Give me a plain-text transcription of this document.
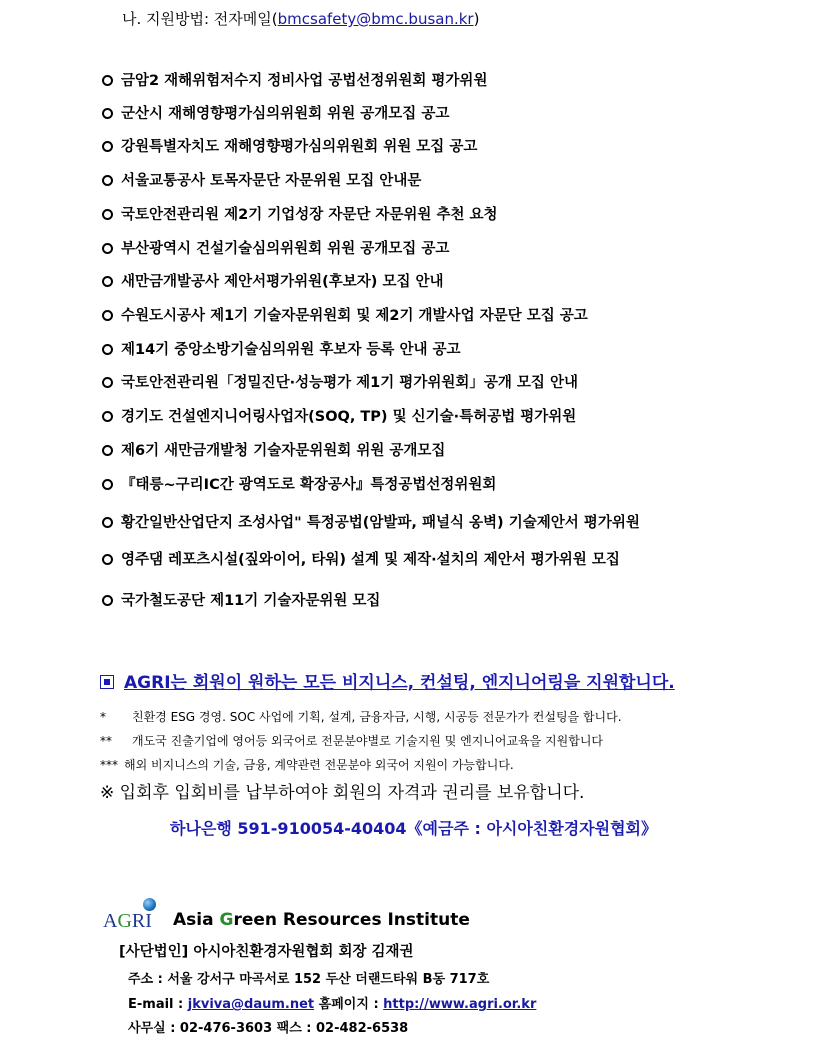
나. 지원방법: 전자메일(bmcsafety@bmc.busan.kr)
금암2 재해위험저수지 정비사업 공법선정위원회 평가위원
군산시 재해영향평가심의위원회 위원 공개모집 공고
강원특별자치도 재해영향평가심의위원회 위원 모집 공고
서울교통공사 토목자문단 자문위원 모집 안내문
국토안전관리원 제2기 기업성장 자문단 자문위원 추천 요청
부산광역시 건설기술심의위원회 위원 공개모집 공고
새만금개발공사 제안서평가위원(후보자) 모집 안내
수원도시공사 제1기 기술자문위원회 및 제2기 개발사업 자문단 모집 공고
제14기 중앙소방기술심의위원 후보자 등록 안내 공고
국토안전관리원「정밀진단·성능평가 제1기 평가위원회」공개 모집 안내
경기도 건설엔지니어링사업자(SOQ, TP) 및 신기술·특허공법 평가위원
제6기 새만금개발청 기술자문위원회 위원 공개모집
『태릉~구리IC간 광역도로 확장공사』특정공법선정위원회
황간일반산업단지 조성사업" 특정공법(암발파, 패널식 옹벽) 기술제안서 평가위원
영주댐 레포츠시설(짚와이어, 타워) 설계 및 제작·설치의 제안서 평가위원 모집
국가철도공단 제11기 기술자문위원 모집
AGRI는 회원이 원하는 모든 비지니스, 컨설팅, 엔지니어링을 지원합니다.
* 친환경 ESG 경영. SOC 사업에 기획, 설계, 금융자금, 시행, 시공등 전문가가 컨설팅을 합니다.
** 개도국 진출기업에 영어등 외국어로 전문분야별로 기술지원 및 엔지니어교육을 지원합니다
*** 해외 비지니스의 기술, 금융, 계약관련 전문분야 외국어 지원이 가능합니다.
※ 입회후 입회비를 납부하여야 회원의 자격과 권리를 보유합니다.
하나은행 591-910054-40404《예금주 : 아시아친환경자원협회》
AGRI Asia Green Resources Institute
[사단법인] 아시아친환경자원협회 회장 김재권
주소 : 서울 강서구 마곡서로 152 두산 더랜드타워 B동 717호
E-mail : jkviva@daum.net 홈페이지 : http://www.agri.or.kr
사무실 : 02-476-3603 팩스 : 02-482-6538
